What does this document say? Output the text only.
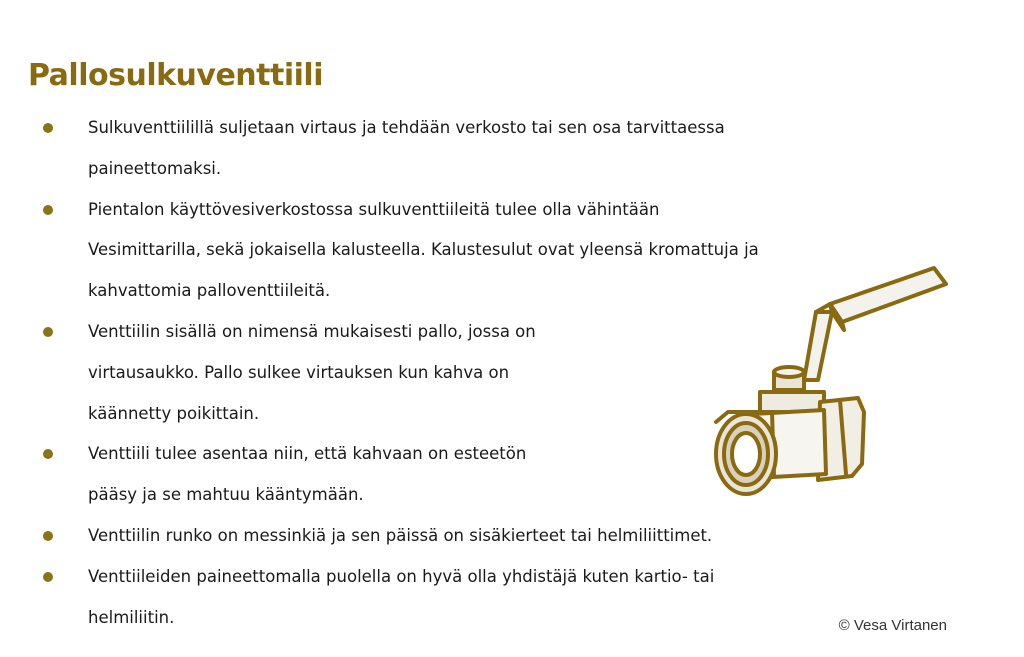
Pallosulkuventtiili
Sulkuventtiilillä suljetaan virtaus ja tehdään verkosto tai sen osa tarvittaessa
paineettomaksi.
Pientalon käyttövesiverkostossa sulkuventtiileitä tulee olla vähintään
Vesimittarilla, sekä jokaisella kalusteella. Kalustesulut ovat yleensä kromattuja ja
kahvattomia palloventtiileitä.
Venttiilin sisällä on nimensä mukaisesti pallo, jossa on
virtausaukko. Pallo sulkee virtauksen kun kahva on
käännetty poikittain.
Venttiili tulee asentaa niin, että kahvaan on esteetön
pääsy ja se mahtuu kääntymään.
Venttiilin runko on messinkiä ja sen päissä on sisäkierteet tai helmiliittimet.
Venttiileiden paineettomalla puolella on hyvä olla yhdistäjä kuten kartio- tai
helmiliitin.	© Vesa Virtanen
